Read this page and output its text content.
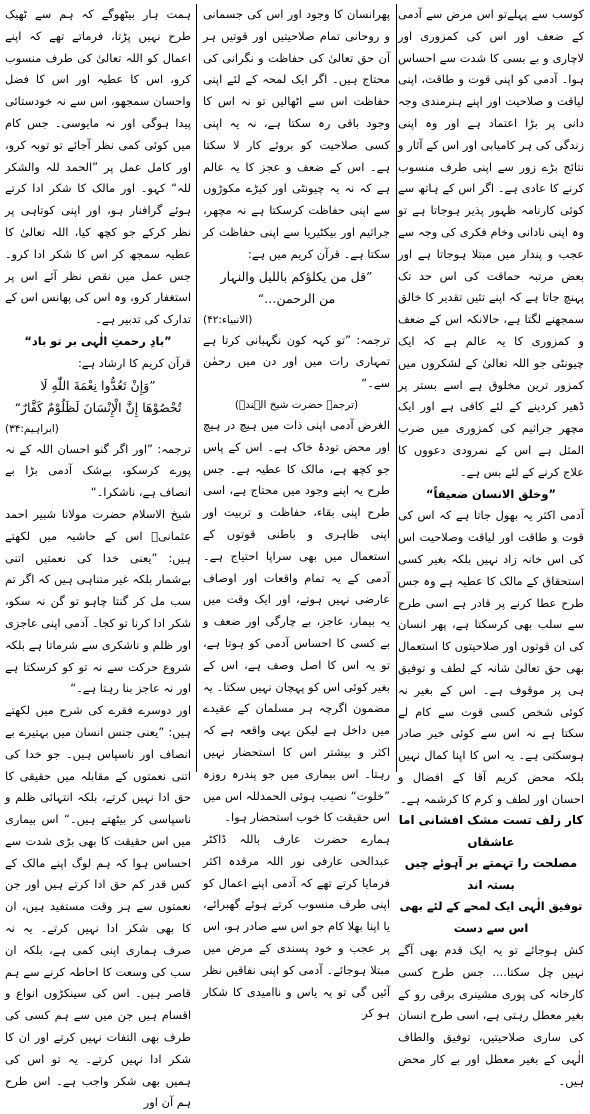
کوسب سے پہلےتو اس مرض سے آدمی کے ضعف اور اس کی کمزوری اور لاچاری و بے بسی کا شدت سے احساس ہوا۔ آدمی کو اپنی قوت و طاقت، اپنی لیاقت و صلاحیت اور اپنے ہنرمندی وجہ دانی پر بڑا اعتماد ہے اور وہ اپنی زندگی کی ہر کامیابی اور اس کے آثار و نتائج بڑے زور سے اپنی طرف منسوب کرنے کا عادی ہے۔ اگر اس کے ہاتھ سے کوئی کارنامہ ظہور پذیر ہوجاتا ہے تو وہ اپنی نادانی وخام فکری کی وجہ سے عجب و پندار میں مبتلا ہوجاتا ہے اور بعض مرتبہ حماقت کی اس حد تک پہنچ جاتا ہے کہ اپنے تئیں تقدیر کا خالق سمجھنے لگتا ہے، حالانکہ اس کے ضعف و کمزوری کا یہ عالم ہے کہ ایک چیونٹی جو اللہ تعالیٰ کے لشکروں میں کمزور ترین مخلوق ہے اسے بستر پر ڈھیر کردینے کے لئے کافی ہے اور ایک مچھر جراثیم کی کمزوری میں ضرب المثل ہے اس کے نمرودی دعووں کا علاج کرنے کے لئے بس ہے۔

”وخلق الانسان ضعیفاً“

آدمی اکثر یہ بھول جاتا ہے کہ اس کی قوت و طاقت اور لیاقت وصلاحیت اس کی اس خانہ زاد نہیں بلکہ بغیر کسی استحقاق کے مالک کا عطیہ ہے وہ جس طرح عطا کرنے پر قادر ہے اسی طرح سے سلب بھی کرسکتا ہے، پھر انسان کی ان قوتوں اور صلاحیتوں کا استعمال بھی حق تعالیٰ شانہ کے لطف و توفیق ہی پر موقوف ہے۔ اس کے بغیر نہ کوئی شخص کسی قوت سے کام لے سکتا ہے نہ اس سے کوئی خیر صادر ہوسکتی ہے۔ یہ اس کا اپنا کمال نہیں بلکہ محض کریم آقا کے افضال و احسان اور لطف و کرم کا کرشمہ ہے۔

کار زلف تست مشک افشانی اما عاشقاں

مصلحت را تہمتے بر آہوئے چیں بستہ اند

توفیق الٰہی ایک لمحے کے لئے بھی اس سے دست

کش ہوجائے تو یہ ایک قدم بھی آگے نہیں چل سکتا.... جس طرح کسی کارخانہ کی پوری مشینری برقی رو کے بغیر معطل رہتی ہے، اسی طرح انسان کی ساری صلاحیتیں، توفیق والطاف الٰہی کے بغیر معطل اور بے کار محض ہیں۔

پھرانسان کا وجود اور اس کی جسمانی و روحانی تمام صلاحیتیں اور قوتیں ہر آن حق تعالیٰ کی حفاظت و نگرانی کی محتاج ہیں۔ اگر ایک لمحہ کے لئے اپنی حفاظت اس سے اٹھالیں تو نہ اس کا وجود باقی رہ سکتا ہے، نہ یہ اپنی کسی صلاحیت کو بروئے کار لا سکتا ہے۔ اس کے ضعف و عجز کا یہ عالم ہے کہ نہ یہ چیونٹی اور کیڑے مکوڑوں سے اپنی حفاظت کرسکتا ہے نہ مچھر، جراثیم اور بیکٹیریا سے اپنی حفاظت کر سکتا ہے۔ قرآن کریم میں ہے:

”قل من یکلؤکم باللیل والنہار

من الرحمن…“

(الانبیاء:۴۲)

ترجمہ: ”تو کہہ کون نگہبانی کرتا ہے تمہاری رات میں اور دن میں رحمٰن سے۔“

(ترجمہ حضرت شیخ الہندؒ)

الغرض آدمی اپنی ذات میں ہیچ در ہیچ اور محض تودۂ خاک ہے۔ اس کے پاس جو کچھ ہے، مالک کا عطیہ ہے۔ جس طرح یہ اپنے وجود میں محتاج ہے، اسی طرح اپنی بقاء، حفاظت و تربیت اور اپنی ظاہری و باطنی قوتوں کے استعمال میں بھی سراپا احتیاج ہے۔ آدمی کے یہ تمام واقعات اور اوصاف عارضی نہیں ہوتے، اور ایک وقت میں یہ بیمار، عاجز، بے چارگی اور ضعف و بے کسی کا احساس آدمی کو ہوتا ہے، تو یہ اس کا اصل وصف ہے، اس کے بغیر کوئی اس کو پہچان نہیں سکتا۔ یہ مضمون اگرچہ ہر مسلمان کے عقیدے میں داخل ہے لیکن یہی واقعہ ہے کہ اکثر و بیشتر اس کا استحضار نہیں رہتا۔ اس بیماری میں جو پندرہ روزہ ”خلوت“ نصیب ہوئی الحمدللہ اس میں اس حقیقت کا خوب استحضار ہوا۔

ہمارے حضرت عارف باللہ ڈاکٹر عبدالحی عارفی نور اللہ مرقدہ اکثر فرمایا کرتے تھے کہ آدمی اپنے اعمال کو اپنی طرف منسوب کرتے ہوئے گھبرائے، یا اپنا بھلا کام جو اس سے صادر ہو، اس پر عجب و خود پسندی کے مرض میں مبتلا ہوجائے۔ آدمی کو اپنی نفاقیں نظر آئیں گی تو یہ یاس و ناامیدی کا شکار ہو کر

ہمت ہار بیٹھوگے کہ ہم سے ٹھیک طرح نہیں پڑتا، فرماتے تھے کہ اپنے اعمال کو اللہ تعالیٰ کی طرف منسوب کرو، اس کا عطیہ اور اس کا فضل واحسان سمجھو، اس سے نہ خودستائی پیدا ہوگی اور نہ مایوسی۔ جس کام میں کوئی کمی نظر آجائے تو توبہ کرو، اور کامل عمل پر ”الحمد للہ والشکر للہ“ کہو۔ اور مالک کا شکر ادا کرتے ہوئے گرافنار ہو، اور اپنی کوتاہی پر نظر کرکے جو کچھ کیا، اللہ تعالیٰ کا عطیہ سمجھ کر اس کا شکر ادا کرو۔ جس عمل میں نقص نظر آئے اس پر استغفار کرو، وہ اس کی پھانس اس کے تدارک کی تدبیر ہے۔

”بادِ رحمتِ الٰہی بر تو باد“

قرآن کریم کا ارشاد ہے:

”وَإِنْ تَعُدُّوا نِعْمَةَ اللّٰهِ لَا

تُحْصُوْهَا إِنَّ الْإِنْسَانَ لَظَلُوْمٌ كَفَّارٌ“

(ابراہیم:۳۴)

ترجمہ: ”اور اگر گنو احسان اللہ کے نہ پورے کرسکو، بےشک آدمی بڑا بے انصاف ہے، ناشکرا۔“

شیخ الاسلام حضرت مولانا شبیر احمد عثمانیؒ اس کے حاشیہ میں لکھتے ہیں: ”یعنی خدا کی نعمتیں اتنی بےشمار بلکہ غیر متناہی ہیں کہ اگر تم سب مل کر گنتا چاہو تو گن نہ سکو، شکر ادا کرنا تو کجا۔ آدمی اپنی عاجزی اور ظلم و ناشکری سے شرماتا ہے بلکہ شروع حرکت سے نہ تو کو کرسکتا ہے اور نہ عاجز بنا رہتا ہے۔“

اور دوسرے فقرے کی شرح میں لکھتے ہیں: ”یعنی جنس انسان میں بہتیرے بے انصاف اور ناسپاس ہیں۔ جو خدا کی اتنی نعمتوں کے مقابلہ میں حقیقی کا حق ادا نہیں کرتے، بلکہ انتہائی ظلم و ناسپاسی کر بیٹھتے ہیں۔“ اس بیماری میں اس حقیقت کا بھی بڑی شدت سے احساس ہوا کہ ہم لوگ اپنے مالک کے کس قدر کم حق ادا کرتے ہیں اور جن نعمتوں سے ہر وقت مستفید ہیں، ان کا بھی شکر ادا نہیں کرتے۔ یہ نہ صرف ہماری اپنی کمی ہے، بلکہ ان سب کی وسعت کا احاطہ کرنے سے ہم قاصر ہیں۔ اس کی سینکڑوں انواع و اقسام ہیں جن میں سے ہم کسی کی طرف بھی التفات نہیں کرتے اور ان کا شکر ادا نہیں کرتے۔ یہ تو اس کی ہمیں بھی شکر واجب ہے۔ اس طرح ہم آن اور
